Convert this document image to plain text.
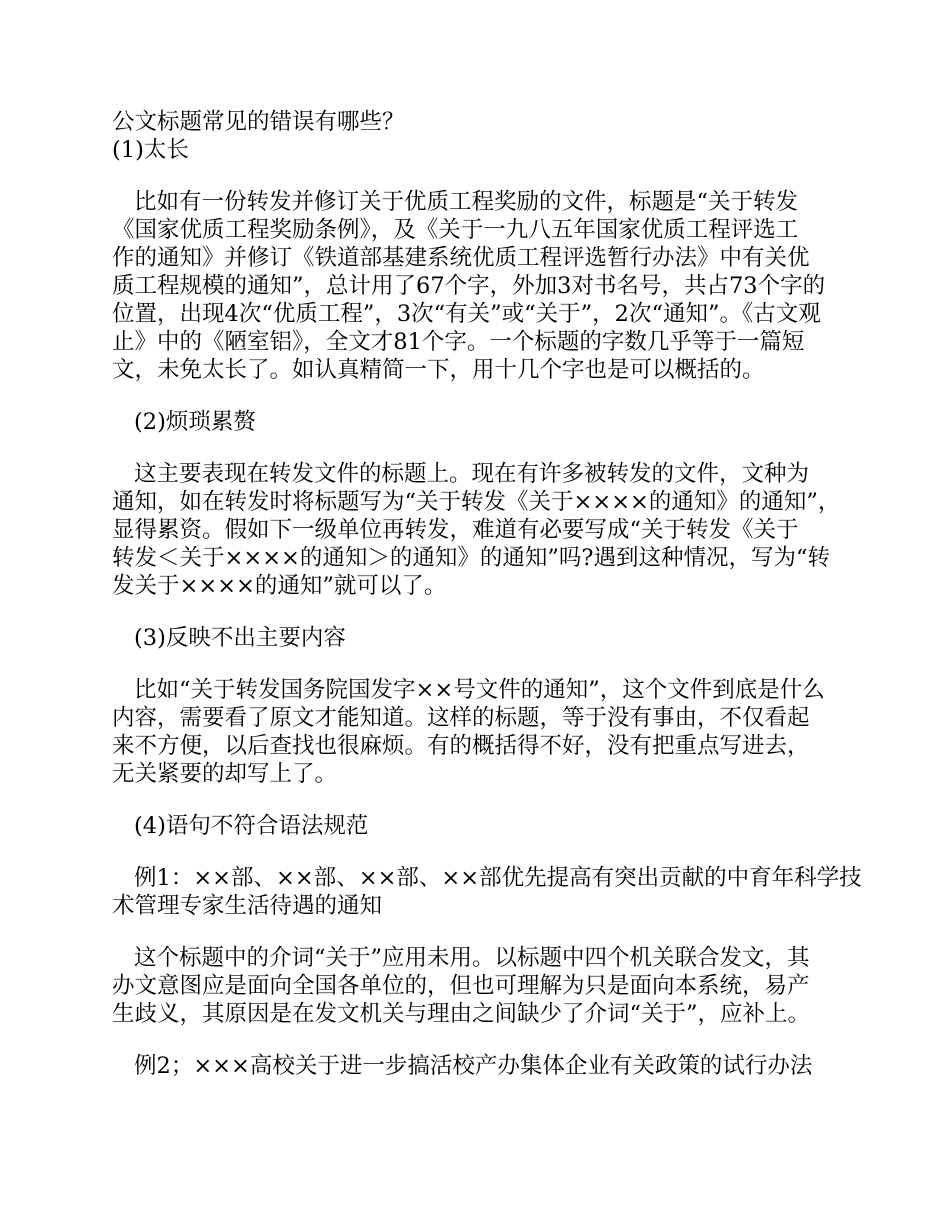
公文标题常见的错误有哪些？
(1)太长
比如有一份转发并修订关于优质工程奖励的文件，标题是“关于转发
《国家优质工程奖励条例》，及《关于一九八五年国家优质工程评选工
作的通知》并修订《铁道部基建系统优质工程评选暂行办法》中有关优
质工程规模的通知”，总计用了67个字，外加3对书名号，共占73个字的
位置，出现4次“优质工程”，3次“有关”或“关于”，2次“通知”。《古文观
止》中的《陋室铝》，全文才81个字。一个标题的字数几乎等于一篇短
文，未免太长了。如认真精简一下，用十几个字也是可以概括的。
(2)烦琐累赘
这主要表现在转发文件的标题上。现在有许多被转发的文件，文种为
通知，如在转发时将标题写为“关于转发《关于××××的通知》的通知”，
显得累资。假如下一级单位再转发，难道有必要写成“关于转发《关于
转发＜关于××××的通知＞的通知》的通知”吗?遇到这种情况，写为“转
发关于××××的通知”就可以了。
(3)反映不出主要内容
比如“关于转发国务院国发字××号文件的通知”，这个文件到底是什么
内容，需要看了原文才能知道。这样的标题，等于没有事由，不仅看起
来不方便，以后查找也很麻烦。有的概括得不好，没有把重点写进去，
无关紧要的却写上了。
(4)语句不符合语法规范
例1：××部、××部、××部、××部优先提高有突出贡献的中育年科学技
术管理专家生活待遇的通知
这个标题中的介词“关于”应用未用。以标题中四个机关联合发文，其
办文意图应是面向全国各单位的，但也可理解为只是面向本系统，易产
生歧义，其原因是在发文机关与理由之间缺少了介词“关于”，应补上。
例2；×××高校关于进一步搞活校产办集体企业有关政策的试行办法
